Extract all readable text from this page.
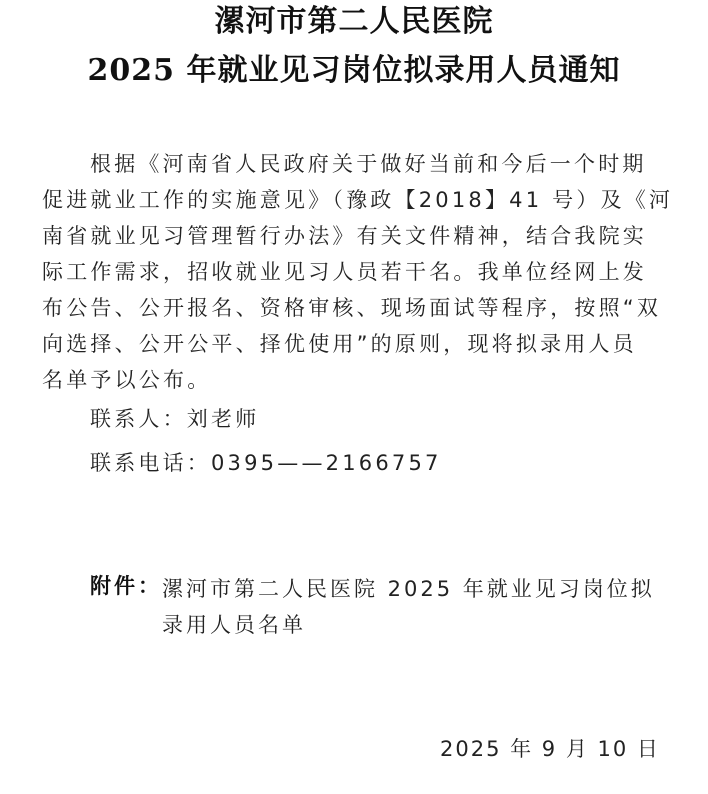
漯河市第二人民医院
2025 年就业见习岗位拟录用人员通知
根据《河南省人民政府关于做好当前和今后一个时期
促进就业工作的实施意见》（豫政【2018】41 号）及《河
南省就业见习管理暂行办法》有关文件精神，结合我院实
际工作需求，招收就业见习人员若干名。我单位经网上发
布公告、公开报名、资格审核、现场面试等程序，按照“双
向选择、公开公平、择优使用”的原则，现将拟录用人员
名单予以公布。
联系人：刘老师
联系电话：0395——2166757
附件： 漯河市第二人民医院 2025 年就业见习岗位拟
录用人员名单
2025 年 9 月 10 日
